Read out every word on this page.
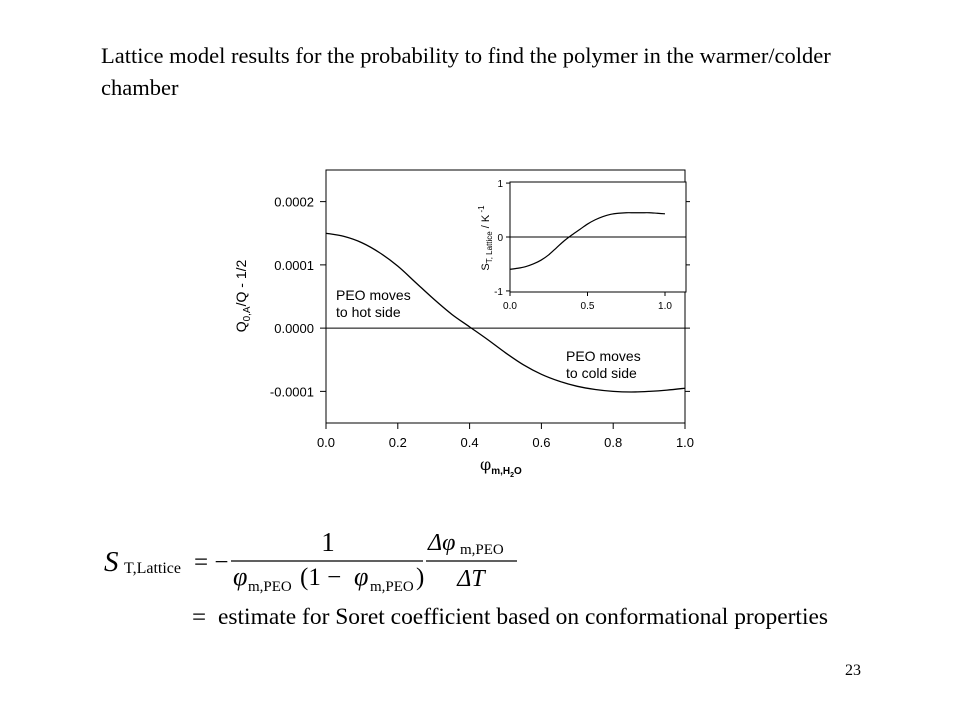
Lattice model results for the probability to find the polymer in the warmer/colder chamber
0.0	0.2	0.4	0.6	0.8	1.0
-0.0001
0.0000
0.0001
0.0002
PEO moves
to hot side
PEO moves
to cold side
$Q_{0,A}/Q - 1/2$
$\varphi_{m,H2}^O$
0.0	0.5	1.0
-1
0
1
$S_{T, Lattice}$ / K $^{-1}$
S T,Lattice = −
1
φ m,PEO (1 − φ m,PEO )
Δφ m,PEO
ΔT
= estimate for Soret coefficient based on conformational properties
23
